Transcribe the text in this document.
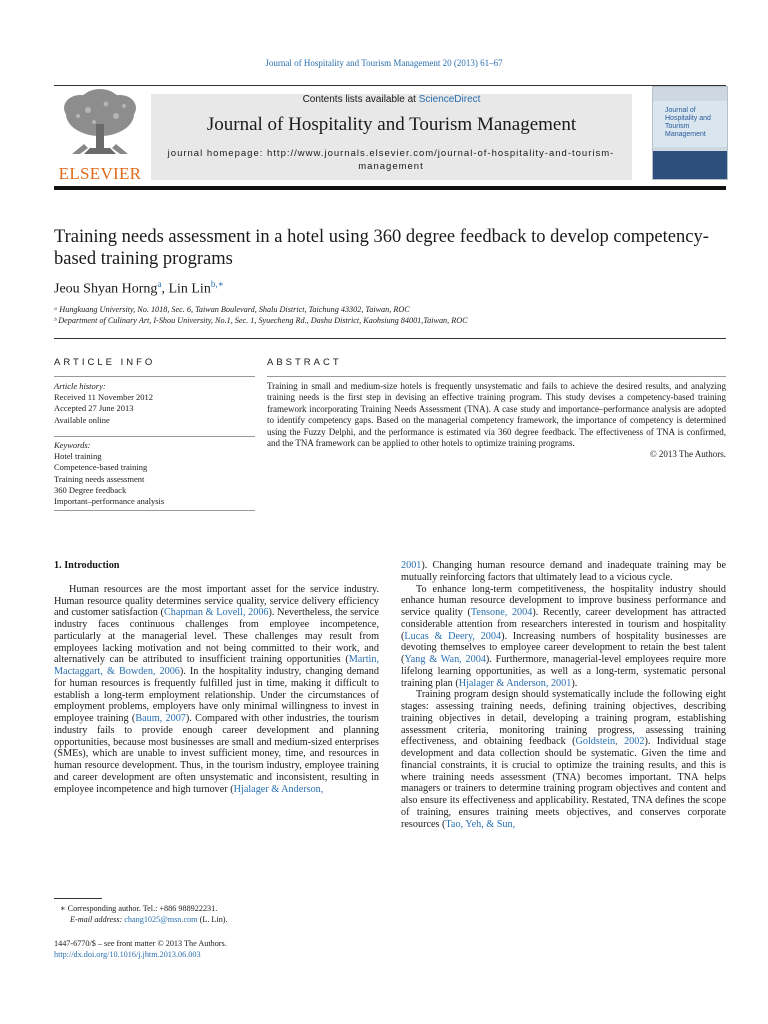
Journal of Hospitality and Tourism Management 20 (2013) 61–67
ELSEVIER
Contents lists available at ScienceDirect
Journal of Hospitality and Tourism Management
journal homepage: http://www.journals.elsevier.com/journal-of-hospitality-and-tourism-management
Journal of Hospitality and Tourism Management
Training needs assessment in a hotel using 360 degree feedback to develop competency-based training programs
Jeou Shyan Horng$^a$, Lin Lin$^{b,∗}$
ᵃ Hungkuang University, No. 1018, Sec. 6, Taiwan Boulevard, Shalu District, Taichung 43302, Taiwan, ROC
ᵇ Department of Culinary Art, I-Shou University, No.1, Sec. 1, Syuecheng Rd., Dashu District, Kaohsiung 84001,Taiwan, ROC
ARTICLE INFO	ABSTRACT
Article history:
Received 11 November 2012
Accepted 27 June 2013
Available online
Keywords:
Hotel training
Competence-based training
Training needs assessment
360 Degree feedback
Important–performance analysis
Training in small and medium-size hotels is frequently unsystematic and fails to achieve the desired results, and analyzing training needs is the first step in devising an effective training program. This study devises a competency-based training framework incorporating Training Needs Assessment (TNA). A case study and importance–performance analysis are adopted to identify competency gaps. Based on the managerial competency framework, the importance of competency is determined using the Fuzzy Delphi, and the performance is estimated via 360 degree feedback. The effectiveness of TNA is confirmed, and the TNA framework can be applied to other hotels to optimize training programs.
© 2013 The Authors.

1. Introduction

Human resources are the most important asset for the service industry. Human resource quality determines service quality, service delivery efficiency and customer satisfaction (Chapman & Lovell, 2006). Nevertheless, the service industry faces continuous challenges from employee incompetence, particularly at the managerial level. These challenges may result from employees lacking motivation and not being committed to their work, and alternatively can be attributed to insufficient training opportunities (Martin, Mactaggart, & Bowden, 2006). In the hospitality industry, changing demand for human resources is frequently fulfilled just in time, making it difficult to establish a long-term employment relationship. Under the circumstances of employment problems, employers have only minimal willingness to invest in employee training (Baum, 2007). Compared with other industries, the tourism industry fails to provide enough career development and planning opportunities, because most businesses are small and medium-sized enterprises (SMEs), which are unable to invest sufficient money, time, and resources in human resource development. Thus, in the tourism industry, employee training and career development are often unsystematic and inconsistent, resulting in employee incompetence and high turnover (Hjalager & Anderson,

2001). Changing human resource demand and inadequate training may be mutually reinforcing factors that ultimately lead to a vicious cycle.

To enhance long-term competitiveness, the hospitality industry should enhance human resource development to improve business performance and service quality (Tensone, 2004). Recently, career development has attracted considerable attention from researchers interested in tourism and hospitality (Lucas & Deery, 2004). Increasing numbers of hospitality businesses are devoting themselves to employee career development to retain the best talent (Yang & Wan, 2004). Furthermore, managerial-level employees require more lifelong learning opportunities, as well as a long-term, systematic personal training plan (Hjalager & Anderson, 2001).

Training program design should systematically include the following eight stages: assessing training needs, defining training objectives, describing training objectives in detail, developing a training program, establishing assessment criteria, monitoring training progress, assessing training effectiveness, and obtaining feedback (Goldstein, 2002). Individual stage development and data collection should be systematic. Given the time and financial constraints, it is crucial to optimize the training results, and this is where training needs assessment (TNA) becomes important. TNA helps managers or trainers to determine training program objectives and content and also ensure its effectiveness and applicability. Restated, TNA defines the scope of training, ensures training meets objectives, and conserves corporate resources (Tao, Yeh, & Sun,

∗ Corresponding author. Tel.: +886 988922231.
E-mail address: chang1025@msn.com (L. Lin).
1447-6770/$ – see front matter © 2013 The Authors.
http://dx.doi.org/10.1016/j.jhtm.2013.06.003
